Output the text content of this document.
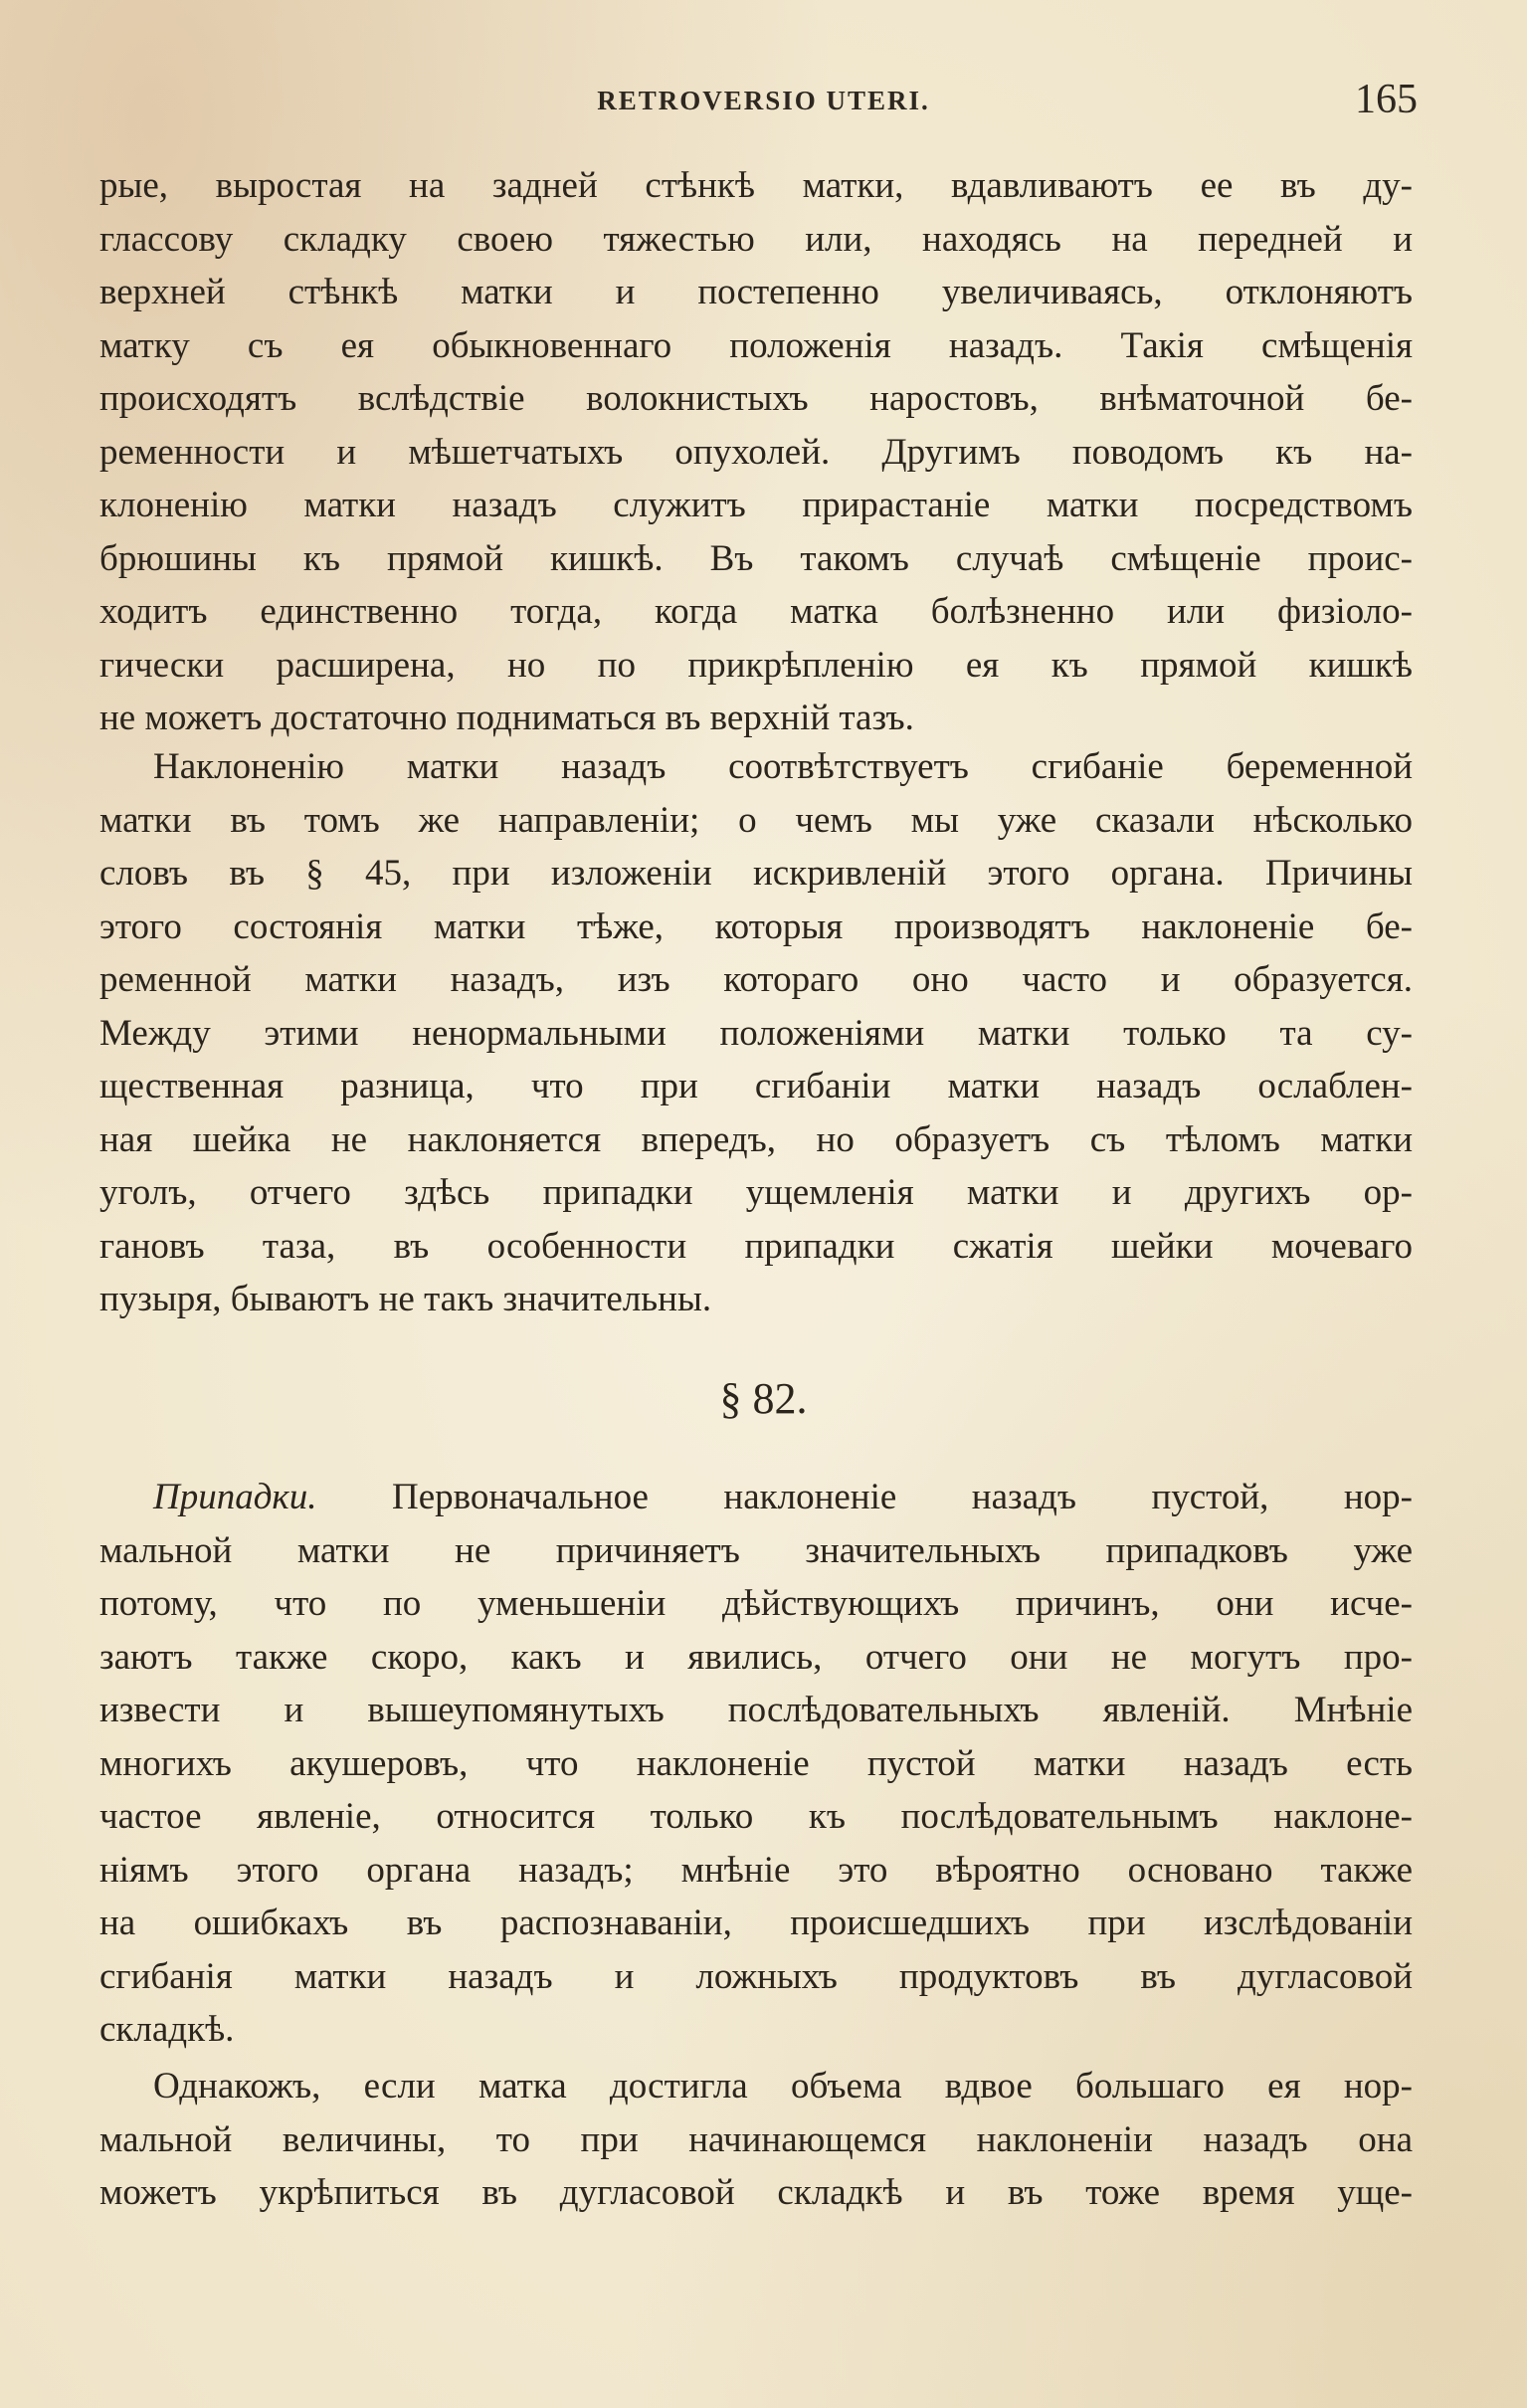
RETROVERSIO UTERI.	165

рые, выростая на задней стѣнкѣ матки, вдавливаютъ ее въ ду-
глассову складку своею тяжестью или, находясь на передней и
верхней стѣнкѣ матки и постепенно увеличиваясь, отклоняютъ
матку съ ея обыкновеннаго положенія назадъ. Такія смѣщенія
происходятъ вслѣдствіе волокнистыхъ наростовъ, внѣматочной бе-
ременности и мѣшетчатыхъ опухолей. Другимъ поводомъ къ на-
клоненію матки назадъ служитъ прирастаніе матки посредствомъ
брюшины къ прямой кишкѣ. Въ такомъ случаѣ смѣщеніе проис-
ходитъ единственно тогда, когда матка болѣзненно или физіоло-
гически расширена, но по прикрѣпленію ея къ прямой кишкѣ
не можетъ достаточно подниматься въ верхній тазъ.

Наклоненію матки назадъ соотвѣтствуетъ сгибаніе беременной
матки въ томъ же направленіи; о чемъ мы уже сказали нѣсколько
словъ въ § 45, при изложеніи искривленій этого органа. Причины
этого состоянія матки тѣже, которыя производятъ наклоненіе бе-
ременной матки назадъ, изъ котораго оно часто и образуется.
Между этими ненормальными положеніями матки только та су-
щественная разница, что при сгибаніи матки назадъ ослаблен-
ная шейка не наклоняется впередъ, но образуетъ съ тѣломъ матки
уголъ, отчего здѣсь припадки ущемленія матки и другихъ ор-
гановъ таза, въ особенности припадки сжатія шейки мочеваго
пузыря, бываютъ не такъ значительны.

§ 82.

Припадки. Первоначальное наклоненіе назадъ пустой, нор-
мальной матки не причиняетъ значительныхъ припадковъ уже
потому, что по уменьшеніи дѣйствующихъ причинъ, они исче-
заютъ также скоро, какъ и явились, отчего они не могутъ про-
извести и вышеупомянутыхъ послѣдовательныхъ явленій. Мнѣніе
многихъ акушеровъ, что наклоненіе пустой матки назадъ есть
частое явленіе, относится только къ послѣдовательнымъ наклоне-
ніямъ этого органа назадъ; мнѣніе это вѣроятно основано также
на ошибкахъ въ распознаваніи, происшедшихъ при изслѣдованіи
сгибанія матки назадъ и ложныхъ продуктовъ въ дугласовой
складкѣ.

Однакожъ, если матка достигла объема вдвое большаго ея нор-
мальной величины, то при начинающемся наклоненіи назадъ она
можетъ укрѣпиться въ дугласовой складкѣ и въ тоже время уще-
